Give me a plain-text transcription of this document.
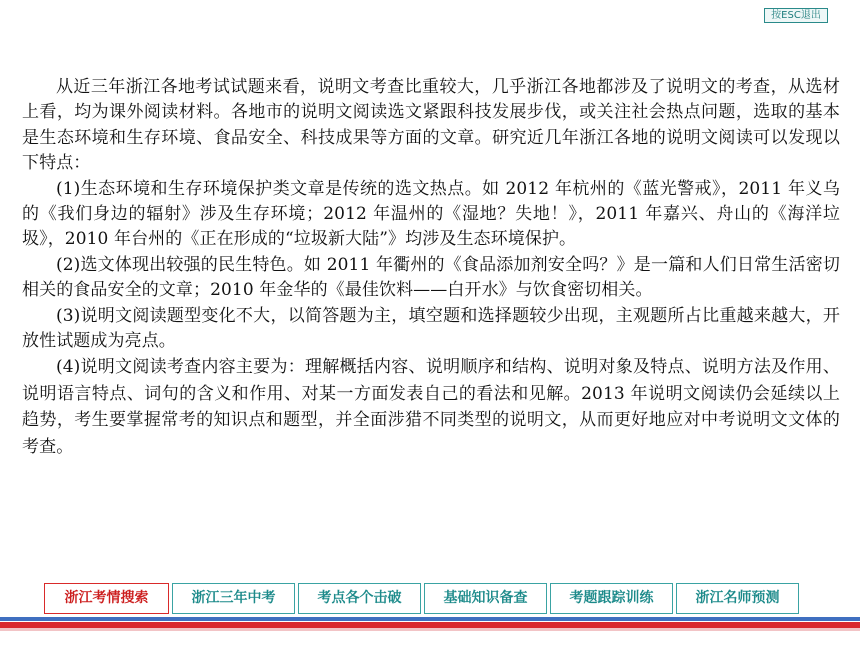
按ESC退出

从近三年浙江各地考试试题来看，说明文考查比重较大，几乎浙江各地都涉及了说明文的考查，从选材上看，均为课外阅读材料。各地市的说明文阅读选文紧跟科技发展步伐，或关注社会热点问题，选取的基本是生态环境和生存环境、食品安全、科技成果等方面的文章。研究近几年浙江各地的说明文阅读可以发现以下特点：

(1)生态环境和生存环境保护类文章是传统的选文热点。如 2012 年杭州的《蓝光警戒》，2011 年义乌的《我们身边的辐射》涉及生存环境；2012 年温州的《湿地？失地！》，2011 年嘉兴、舟山的《海洋垃圾》，2010 年台州的《正在形成的“垃圾新大陆”》均涉及生态环境保护。

(2)选文体现出较强的民生特色。如 2011 年衢州的《食品添加剂安全吗？》是一篇和人们日常生活密切相关的食品安全的文章；2010 年金华的《最佳饮料——白开水》与饮食密切相关。

(3)说明文阅读题型变化不大，以简答题为主，填空题和选择题较少出现，主观题所占比重越来越大，开放性试题成为亮点。

(4)说明文阅读考查内容主要为：理解概括内容、说明顺序和结构、说明对象及特点、说明方法及作用、说明语言特点、词句的含义和作用、对某一方面发表自己的看法和见解。2013 年说明文阅读仍会延续以上趋势，考生要掌握常考的知识点和题型，并全面涉猎不同类型的说明文，从而更好地应对中考说明文文体的考查。

浙江考情搜索	浙江三年中考	考点各个击破	基础知识备查	考题跟踪训练	浙江名师预测
